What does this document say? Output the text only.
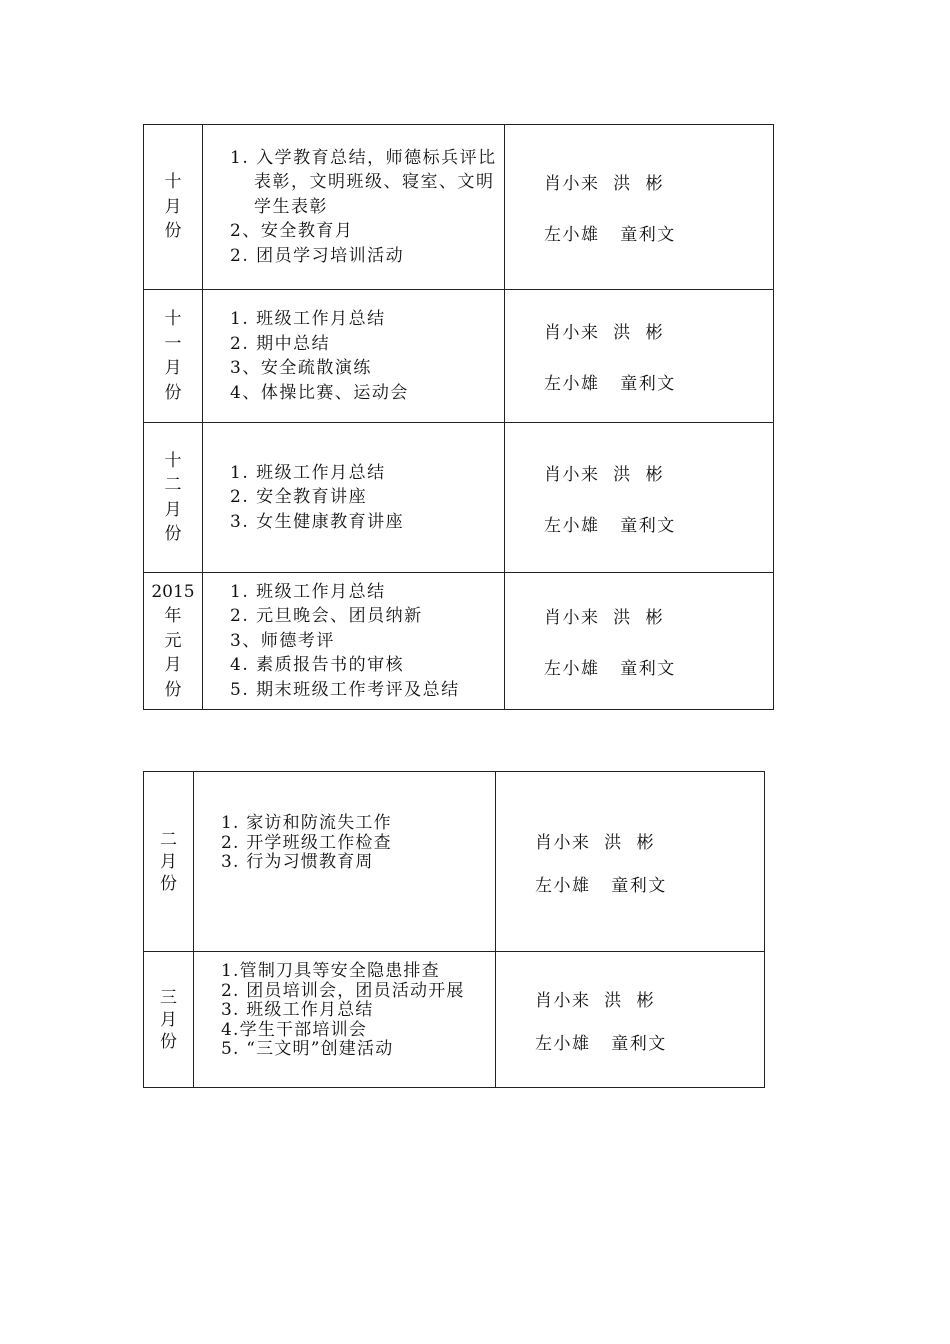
十
月
份	1. 入学教育总结，师德标兵评比
表彰，文明班级、寝室、文明
学生表彰
2、安全教育月
2. 团员学习培训活动	肖小来  洪  彬
左小雄   童利文

十
一
月
份	1. 班级工作月总结
2. 期中总结
3、安全疏散演练
4、体操比赛、运动会	肖小来  洪  彬
左小雄   童利文

十
二
月
份	1. 班级工作月总结
2. 安全教育讲座
3. 女生健康教育讲座	肖小来  洪  彬
左小雄   童利文

2015
年
元
月
份	1. 班级工作月总结
2. 元旦晚会、团员纳新
3、师德考评
4. 素质报告书的审核
5. 期末班级工作考评及总结	肖小来  洪  彬
左小雄   童利文
二
月
份	1. 家访和防流失工作
2. 开学班级工作检查
3. 行为习惯教育周	肖小来  洪  彬
左小雄   童利文

三
月
份	1.管制刀具等安全隐患排查
2. 团员培训会，团员活动开展
3. 班级工作月总结
4.学生干部培训会
5. “三文明”创建活动	肖小来  洪  彬
左小雄   童利文
